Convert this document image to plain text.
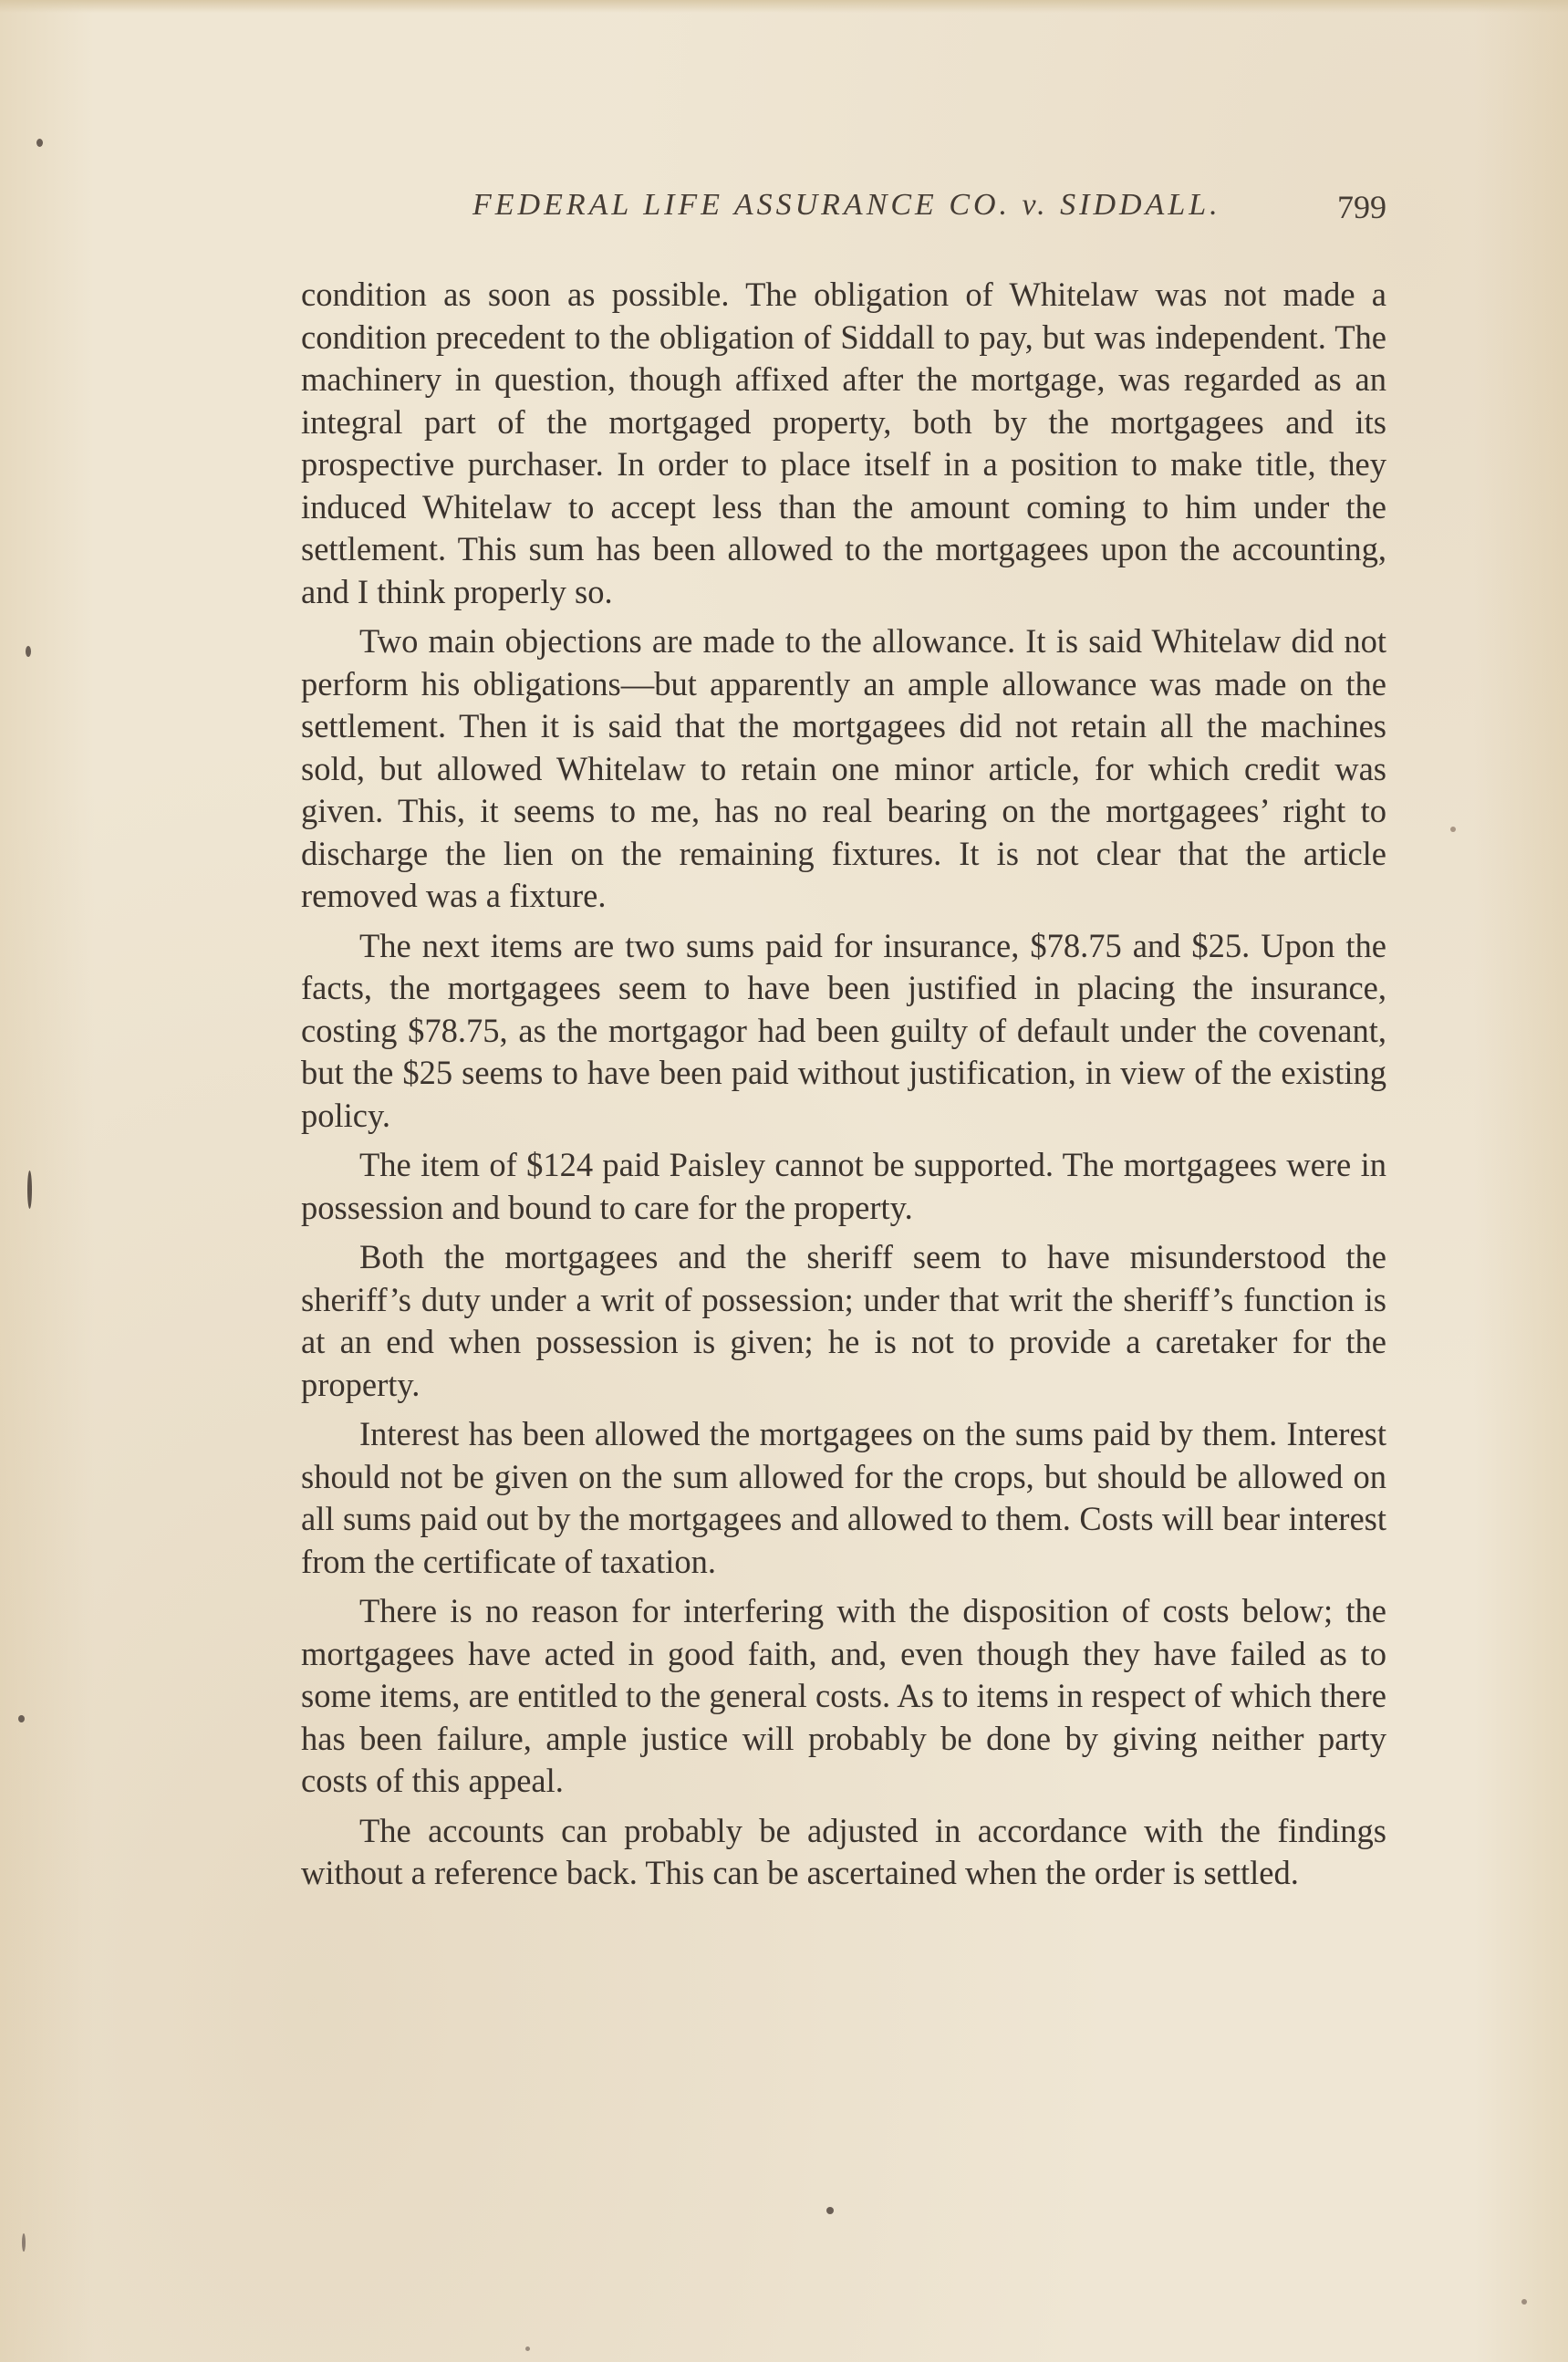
FEDERAL LIFE ASSURANCE CO. v. SIDDALL.	799

condition as soon as possible. The obligation of Whitelaw was not made a condition precedent to the obligation of Siddall to pay, but was independent. The machinery in question, though affixed after the mortgage, was regarded as an integral part of the mortgaged property, both by the mortgagees and its prospective purchaser. In order to place itself in a position to make title, they induced Whitelaw to accept less than the amount coming to him under the settlement. This sum has been allowed to the mortgagees upon the accounting, and I think properly so.

Two main objections are made to the allowance. It is said Whitelaw did not perform his obligations—but apparently an ample allowance was made on the settlement. Then it is said that the mortgagees did not retain all the machines sold, but allowed Whitelaw to retain one minor article, for which credit was given. This, it seems to me, has no real bearing on the mortgagees’ right to discharge the lien on the remaining fixtures. It is not clear that the article removed was a fixture.

The next items are two sums paid for insurance, $78.75 and $25. Upon the facts, the mortgagees seem to have been justified in placing the insurance, costing $78.75, as the mortgagor had been guilty of default under the covenant, but the $25 seems to have been paid without justification, in view of the existing policy.

The item of $124 paid Paisley cannot be supported. The mortgagees were in possession and bound to care for the property.

Both the mortgagees and the sheriff seem to have misunderstood the sheriff’s duty under a writ of possession; under that writ the sheriff’s function is at an end when possession is given; he is not to provide a caretaker for the property.

Interest has been allowed the mortgagees on the sums paid by them. Interest should not be given on the sum allowed for the crops, but should be allowed on all sums paid out by the mortgagees and allowed to them. Costs will bear interest from the certificate of taxation.

There is no reason for interfering with the disposition of costs below; the mortgagees have acted in good faith, and, even though they have failed as to some items, are entitled to the general costs. As to items in respect of which there has been failure, ample justice will probably be done by giving neither party costs of this appeal.

The accounts can probably be adjusted in accordance with the findings without a reference back. This can be ascertained when the order is settled.
